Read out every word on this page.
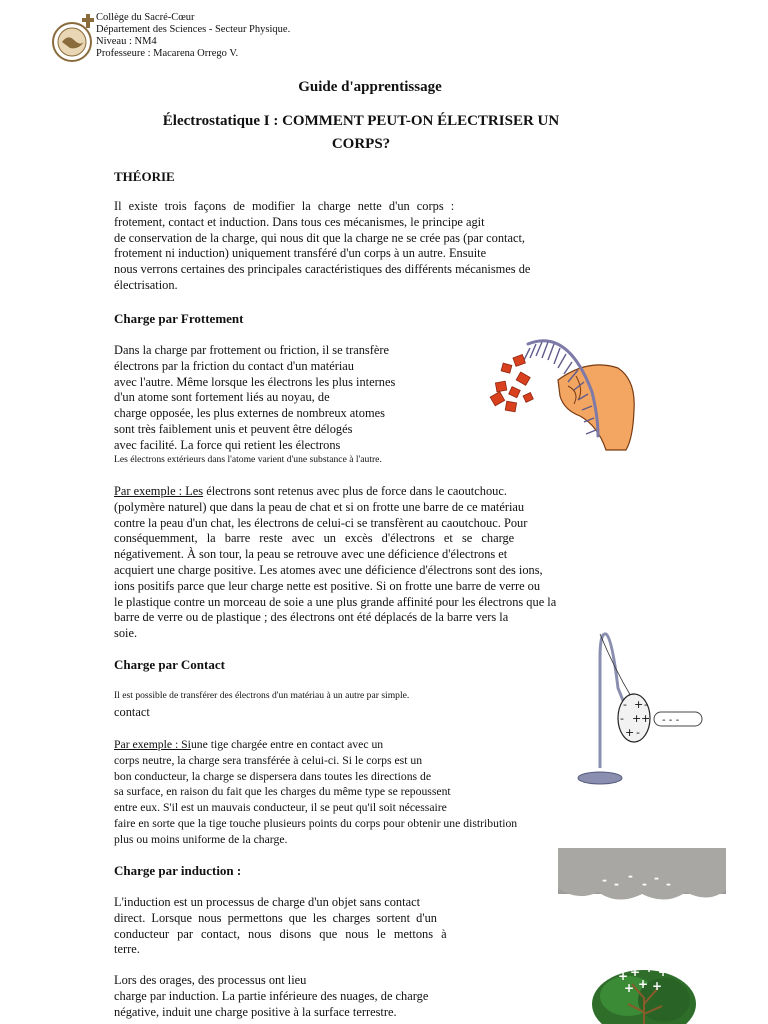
Collège du Sacré-Cœur
Département des Sciences - Secteur Physique.
Niveau : NM4
Professeure : Macarena Orrego V.
Guide d'apprentissage
Électrostatique I : COMMENT PEUT-ON ÉLECTRISER UN
CORPS?
THÉORIE
Il existe trois façons de modifier la charge nette d'un corps :
frotement, contact et induction. Dans tous ces mécanismes, le principe agit
de conservation de la charge, qui nous dit que la charge ne se crée pas (par contact,
frotement ni induction) uniquement transféré d'un corps à un autre. Ensuite
nous verrons certaines des principales caractéristiques des différents mécanismes de
électrisation.
Charge par Frottement
Dans la charge par frottement ou friction, il se transfère
électrons par la friction du contact d'un matériau
avec l'autre. Même lorsque les électrons les plus internes
d'un atome sont fortement liés au noyau, de
charge opposée, les plus externes de nombreux atomes
sont très faiblement unis et peuvent être délogés
avec facilité. La force qui retient les électrons
Les électrons extérieurs dans l'atome varient d'une substance à l'autre.
Par exemple : Les électrons sont retenus avec plus de force dans le caoutchouc.
(polymère naturel) que dans la peau de chat et si on frotte une barre de ce matériau
contre la peau d'un chat, les électrons de celui-ci se transfèrent au caoutchouc. Pour
conséquemment, la barre reste avec un excès d'électrons et se charge
négativement. À son tour, la peau se retrouve avec une déficience d'électrons et
acquiert une charge positive. Les atomes avec une déficience d'électrons sont des ions,
ions positifs parce que leur charge nette est positive. Si on frotte une barre de verre ou
le plastique contre un morceau de soie a une plus grande affinité pour les électrons que la
barre de verre ou de plastique ; des électrons ont été déplacés de la barre vers la
soie.
Charge par Contact
Il est possible de transférer des électrons d'un matériau à un autre par simple.
contact
Par exemple : Siune tige chargée entre en contact avec un
corps neutre, la charge sera transférée à celui-ci. Si le corps est un
bon conducteur, la charge se dispersera dans toutes les directions de
sa surface, en raison du fait que les charges du même type se repoussent
entre eux. S'il est un mauvais conducteur, il se peut qu'il soit nécessaire
faire en sorte que la tige touche plusieurs points du corps pour obtenir une distribution
plus ou moins uniforme de la charge.
Charge par induction :
L'induction est un processus de charge d'un objet sans contact
direct. Lorsque nous permettons que les charges sortent d'un
conducteur par contact, nous disons que nous le mettons à
terre.
Lors des orages, des processus ont lieu
charge par induction. La partie inférieure des nuages, de charge
négative, induit une charge positive à la surface terrestre.
- +
- +
+ -
+
-
- - -
- -
-
- - -
-
-
-
-
+ + + +
+ + +
